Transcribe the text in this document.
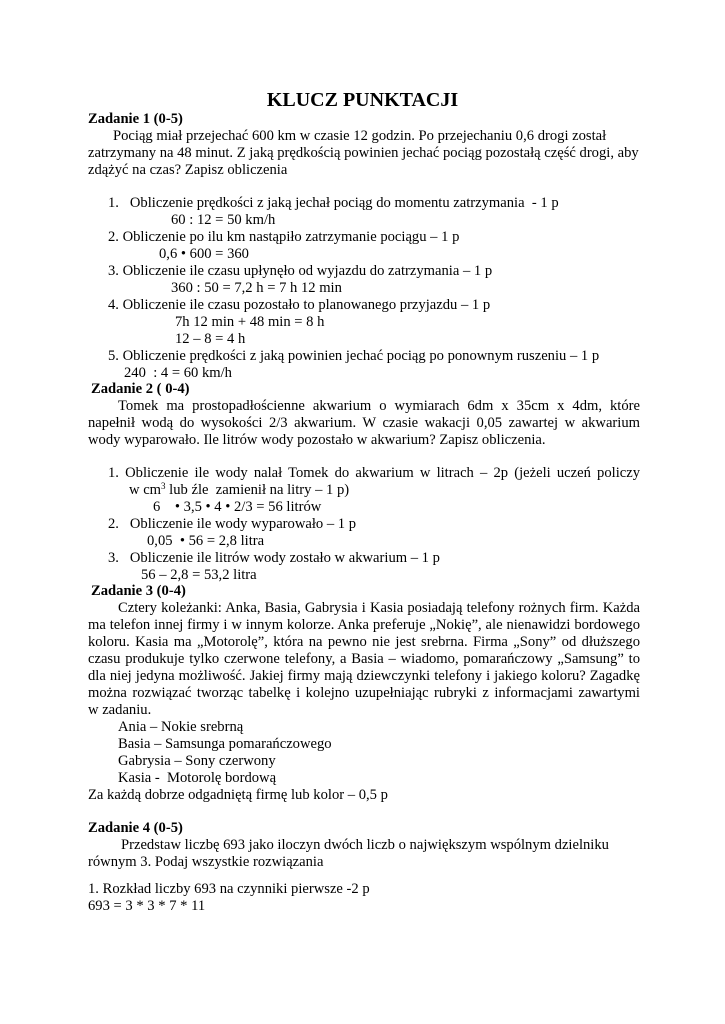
KLUCZ PUNKTACJI
Zadanie 1 (0-5)
Pociąg miał przejechać 600 km w czasie 12 godzin. Po przejechaniu 0,6 drogi został
zatrzymany na 48 minut. Z jaką prędkością powinien jechać pociąg pozostałą część drogi, aby
zdążyć na czas? Zapisz obliczenia
1.   Obliczenie prędkości z jaką jechał pociąg do momentu zatrzymania  - 1 p
60 : 12 = 50 km/h
2. Obliczenie po ilu km nastąpiło zatrzymanie pociągu – 1 p
0,6 • 600 = 360
3. Obliczenie ile czasu upłynęło od wyjazdu do zatrzymania – 1 p
360 : 50 = 7,2 h = 7 h 12 min
4. Obliczenie ile czasu pozostało to planowanego przyjazdu – 1 p
7h 12 min + 48 min = 8 h
12 – 8 = 4 h
5. Obliczenie prędkości z jaką powinien jechać pociąg po ponownym ruszeniu – 1 p
240  : 4 = 60 km/h
Zadanie 2 ( 0-4)
Tomek ma prostopadłościenne akwarium o wymiarach 6dm x 35cm x 4dm, które
napełnił wodą do wysokości 2/3 akwarium. W czasie wakacji 0,05 zawartej w akwarium
wody wyparowało. Ile litrów wody pozostało w akwarium? Zapisz obliczenia.
1. Obliczenie ile wody nalał Tomek do akwarium w litrach – 2p (jeżeli uczeń policzy
w $cm^3$ lub źle  zamienił na litry – 1 p)
6    • 3,5 • 4 • 2/3 = 56 litrów
2.   Obliczenie ile wody wyparowało – 1 p
0,05  • 56 = 2,8 litra
3.   Obliczenie ile litrów wody zostało w akwarium – 1 p
56 – 2,8 = 53,2 litra
Zadanie 3 (0-4)
Cztery koleżanki: Anka, Basia, Gabrysia i Kasia posiadają telefony rożnych firm. Każda
ma telefon innej firmy i w innym kolorze. Anka preferuje „Nokię”, ale nienawidzi bordowego
koloru. Kasia ma „Motorolę”, która na pewno nie jest srebrna. Firma „Sony” od dłuższego
czasu produkuje tylko czerwone telefony, a Basia – wiadomo, pomarańczowy „Samsung” to
dla niej jedyna możliwość. Jakiej firmy mają dziewczynki telefony i jakiego koloru? Zagadkę
można rozwiązać tworząc tabelkę i kolejno uzupełniając rubryki z informacjami zawartymi
w zadaniu.
Ania – Nokie srebrną
Basia – Samsunga pomarańczowego
Gabrysia – Sony czerwony
Kasia -  Motorolę bordową
Za każdą dobrze odgadniętą firmę lub kolor – 0,5 p
Zadanie 4 (0-5)
Przedstaw liczbę 693 jako iloczyn dwóch liczb o największym wspólnym dzielniku
równym 3. Podaj wszystkie rozwiązania
1. Rozkład liczby 693 na czynniki pierwsze -2 p
693 = 3 * 3 * 7 * 11
